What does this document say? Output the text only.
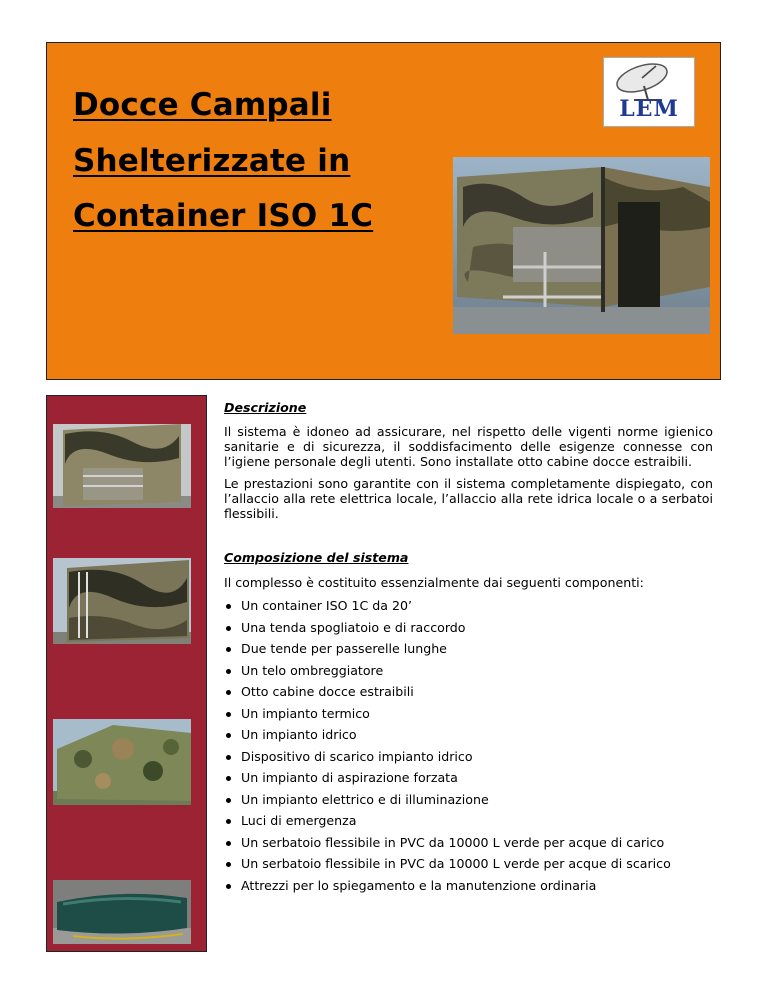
Docce Campali
Shelterizzate in
Container ISO 1C
LEM
Descrizione

Il sistema è idoneo ad assicurare, nel rispetto delle vigenti norme igienico sanitarie e di sicurezza, il soddisfacimento delle esigenze connesse con l’igiene personale degli utenti. Sono installate otto cabine docce estraibili.

Le prestazioni sono garantite con il sistema completamente dispiegato, con l’allaccio alla rete elettrica locale, l’allaccio alla rete idrica locale o a serbatoi flessibili.

Composizione del sistema

Il complesso è costituito essenzialmente dai seguenti componenti:

Un container ISO 1C da 20’
Una tenda spogliatoio e di raccordo
Due tende per passerelle lunghe
Un telo ombreggiatore
Otto cabine docce estraibili
Un impianto termico
Un impianto idrico
Dispositivo di scarico impianto idrico
Un impianto di aspirazione forzata
Un impianto elettrico e di illuminazione
Luci di emergenza
Un serbatoio flessibile in PVC da 10000 L verde per acque di carico
Un serbatoio flessibile in PVC da 10000 L verde per acque di scarico
Attrezzi per lo spiegamento e la manutenzione ordinaria
